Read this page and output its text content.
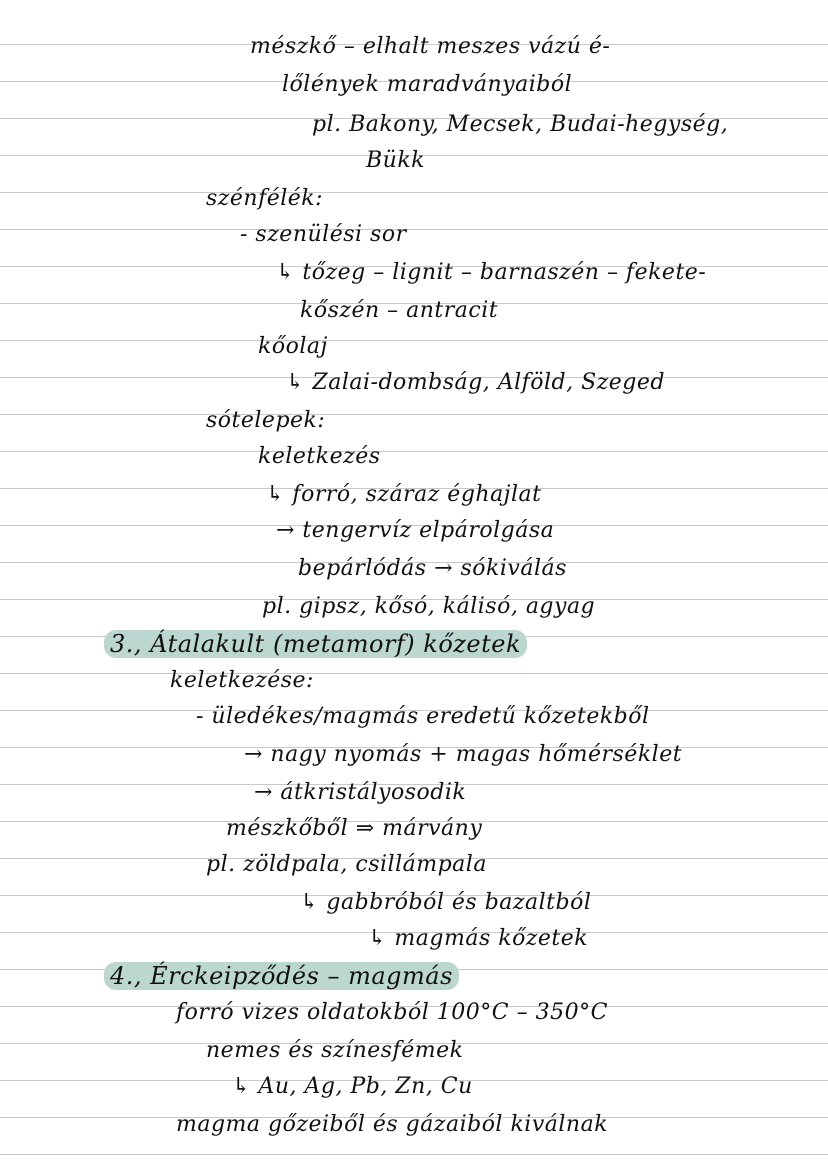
mészkő – elhalt meszes vázú é-
lőlények maradványaiból
pl. Bakony, Mecsek, Budai-hegység,
Bükk
szénfélék:
- szenülési sor
↳ tőzeg – lignit – barnaszén – fekete-
kőszén – antracit
kőolaj
↳ Zalai-dombság, Alföld, Szeged
sótelepek:
keletkezés
↳ forró, száraz éghajlat
→ tengervíz elpárolgása
bepárlódás → sókiválás
pl. gipsz, kősó, kálisó, agyag
3., Átalakult (metamorf) kőzetek
keletkezése:
- üledékes/magmás eredetű kőzetekből
→ nagy nyomás + magas hőmérséklet
→ átkristályosodik
mészkőből ⇒ márvány
pl. zöldpala, csillámpala
↳ gabbróból és bazaltból
↳ magmás kőzetek
4., Érckeipződés – magmás
forró vizes oldatokból 100°C – 350°C
nemes és színesfémek
↳ Au, Ag, Pb, Zn, Cu
magma gőzeiből és gázaiból kiválnak
